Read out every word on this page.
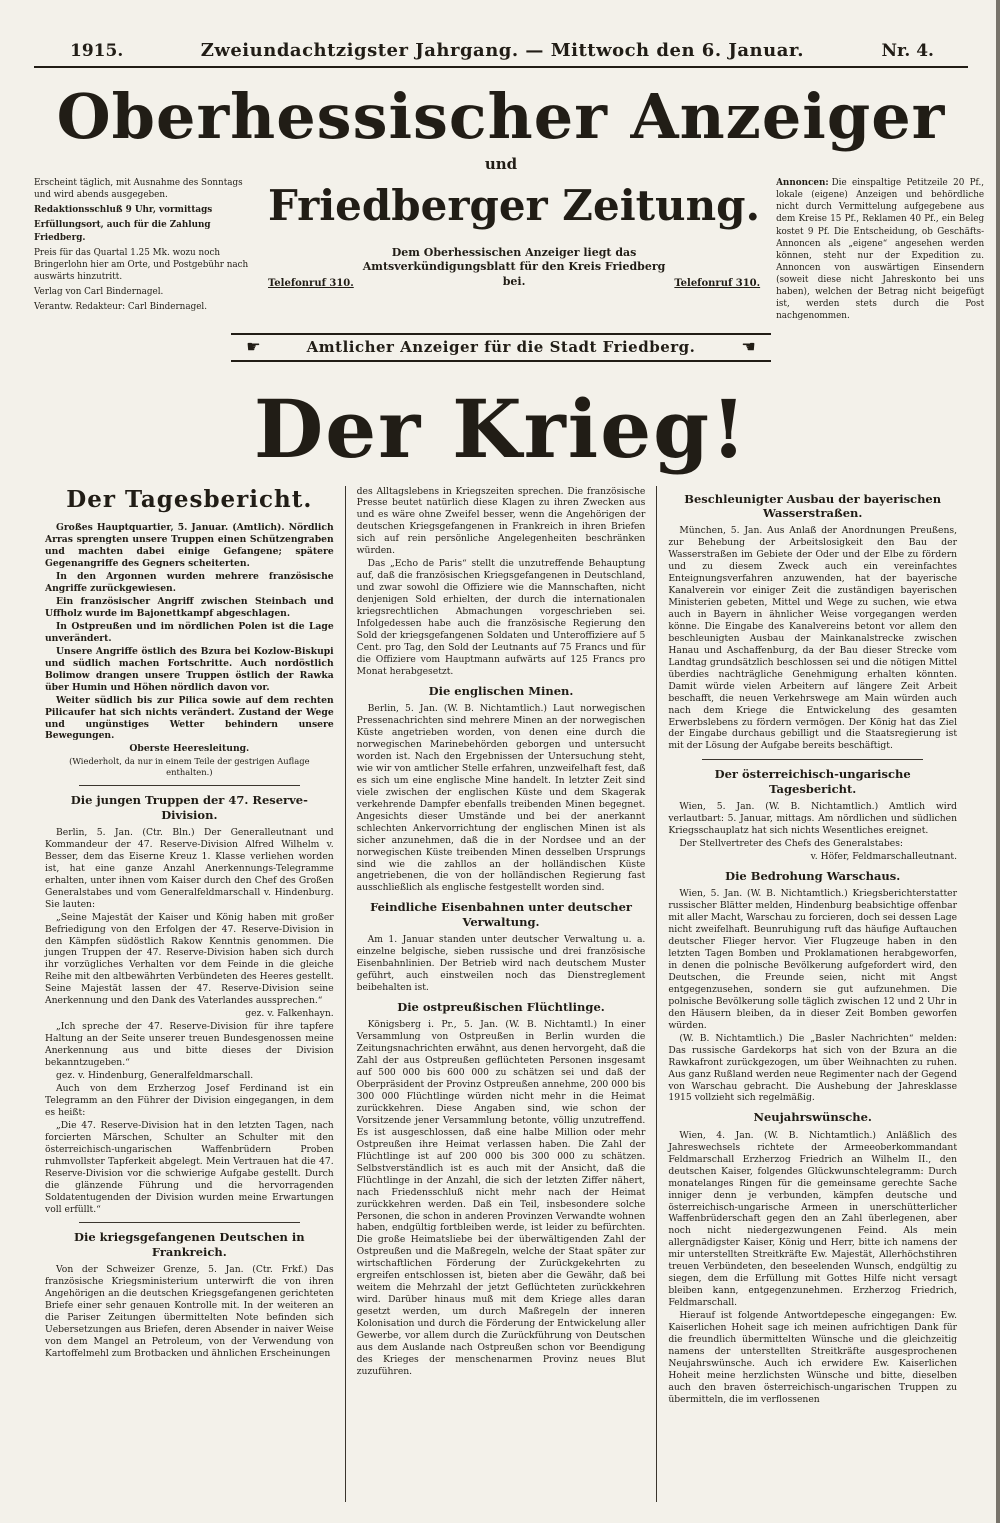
1915.	Zweiundachtzigster Jahrgang. — Mittwoch den 6. Januar.	Nr. 4.
Oberhessischer Anzeiger
und
Erscheint täglich, mit Ausnahme des Sonntags und wird abends ausgegeben.
Redaktionsschluß 9 Uhr, vormittags
Erfüllungsort, auch für die Zahlung Friedberg.
Preis für das Quartal 1.25 Mk. wozu noch Bringerlohn hier am Orte, und Postgebühr nach auswärts hinzutritt.
Verlag von Carl Bindernagel.
Verantw. Redakteur: Carl Bindernagel.
Friedberger Zeitung.
Telefonruf 310.
Dem Oberhessischen Anzeiger liegt das Amtsverkündigungsblatt für den Kreis Friedberg bei.	Telefonruf 310.
Annoncen: Die einspaltige Petitzeile 20 Pf., lokale (eigene) Anzeigen und behördliche nicht durch Vermittelung aufgegebene aus dem Kreise 15 Pf., Reklamen 40 Pf., ein Beleg kostet 9 Pf. Die Entscheidung, ob Geschäfts-Annoncen als „eigene“ angesehen werden können, steht nur der Expedition zu. Annoncen von auswärtigen Einsendern (soweit diese nicht Jahreskonto bei uns haben), welchen der Betrag nicht beigefügt ist, werden stets durch die Post nachgenommen.
☛	Amtlicher Anzeiger für die Stadt Friedberg.	☚
Der Krieg!
Der Tagesbericht.

Großes Hauptquartier, 5. Januar. (Amtlich). Nördlich Arras sprengten unsere Truppen einen Schützengraben und machten dabei einige Gefangene; spätere Gegenangriffe des Gegners scheiterten.

In den Argonnen wurden mehrere französische Angriffe zurückgewiesen.

Ein französischer Angriff zwischen Steinbach und Uffholz wurde im Bajonettkampf abgeschlagen.

In Ostpreußen und im nördlichen Polen ist die Lage unverändert.

Unsere Angriffe östlich des Bzura bei Kozlow-Biskupi und südlich machen Fortschritte. Auch nordöstlich Bolimow drangen unsere Truppen östlich der Rawka über Humin und Höhen nördlich davon vor.

Weiter südlich bis zur Pilica sowie auf dem rechten Pilicaufer hat sich nichts verändert. Zustand der Wege und ungünstiges Wetter behindern unsere Bewegungen.

Oberste Heeresleitung.

(Wiederholt, da nur in einem Teile der gestrigen Auflage enthalten.)

Die jungen Truppen der 47. Reserve-Division.

Berlin, 5. Jan. (Ctr. Bln.) Der Generalleutnant und Kommandeur der 47. Reserve-Division Alfred Wilhelm v. Besser, dem das Eiserne Kreuz 1. Klasse verliehen worden ist, hat eine ganze Anzahl Anerkennungs-Telegramme erhalten, unter ihnen vom Kaiser durch den Chef des Großen Generalstabes und vom Generalfeldmarschall v. Hindenburg. Sie lauten:

„Seine Majestät der Kaiser und König haben mit großer Befriedigung von den Erfolgen der 47. Reserve-Division in den Kämpfen südöstlich Rakow Kenntnis genommen. Die jungen Truppen der 47. Reserve-Division haben sich durch ihr vorzügliches Verhalten vor dem Feinde in die gleiche Reihe mit den altbewährten Verbündeten des Heeres gestellt. Seine Majestät lassen der 47. Reserve-Division seine Anerkennung und den Dank des Vaterlandes aussprechen.“

gez. v. Falkenhayn.

„Ich spreche der 47. Reserve-Division für ihre tapfere Haltung an der Seite unserer treuen Bundesgenossen meine Anerkennung aus und bitte dieses der Division bekanntzugeben.“

gez. v. Hindenburg, Generalfeldmarschall.

Auch von dem Erzherzog Josef Ferdinand ist ein Telegramm an den Führer der Division eingegangen, in dem es heißt:

„Die 47. Reserve-Division hat in den letzten Tagen, nach forcierten Märschen, Schulter an Schulter mit den österreichisch-ungarischen Waffenbrüdern Proben ruhmvollster Tapferkeit abgelegt. Mein Vertrauen hat die 47. Reserve-Division vor die schwierige Aufgabe gestellt. Durch die glänzende Führung und die hervorragenden Soldatentugenden der Division wurden meine Erwartungen voll erfüllt.“

Die kriegsgefangenen Deutschen in Frankreich.

Von der Schweizer Grenze, 5. Jan. (Ctr. Frkf.) Das französische Kriegsministerium unterwirft die von ihren Angehörigen an die deutschen Kriegsgefangenen gerichteten Briefe einer sehr genauen Kontrolle mit. In der weiteren an die Pariser Zeitungen übermittelten Note befinden sich Uebersetzungen aus Briefen, deren Absender in naiver Weise von dem Mangel an Petroleum, von der Verwendung von Kartoffelmehl zum Brotbacken und ähnlichen Erscheinungen

des Alltagslebens in Kriegszeiten sprechen. Die französische Presse beutet natürlich diese Klagen zu ihren Zwecken aus und es wäre ohne Zweifel besser, wenn die Angehörigen der deutschen Kriegsgefangenen in Frankreich in ihren Briefen sich auf rein persönliche Angelegenheiten beschränken würden.

Das „Echo de Paris“ stellt die unzutreffende Behauptung auf, daß die französischen Kriegsgefangenen in Deutschland, und zwar sowohl die Offiziere wie die Mannschaften, nicht denjenigen Sold erhielten, der durch die internationalen kriegsrechtlichen Abmachungen vorgeschrieben sei. Infolgedessen habe auch die französische Regierung den Sold der kriegsgefangenen Soldaten und Unteroffiziere auf 5 Cent. pro Tag, den Sold der Leutnants auf 75 Francs und für die Offiziere vom Hauptmann aufwärts auf 125 Francs pro Monat herabgesetzt.

Die englischen Minen.

Berlin, 5. Jan. (W. B. Nichtamtlich.) Laut norwegischen Pressenachrichten sind mehrere Minen an der norwegischen Küste angetrieben worden, von denen eine durch die norwegischen Marinebehörden geborgen und untersucht worden ist. Nach den Ergebnissen der Untersuchung steht, wie wir von amtlicher Stelle erfahren, unzweifelhaft fest, daß es sich um eine englische Mine handelt. In letzter Zeit sind viele zwischen der englischen Küste und dem Skagerak verkehrende Dampfer ebenfalls treibenden Minen begegnet. Angesichts dieser Umstände und bei der anerkannt schlechten Ankervorrichtung der englischen Minen ist als sicher anzunehmen, daß die in der Nordsee und an der norwegischen Küste treibenden Minen desselben Ursprungs sind wie die zahllos an der holländischen Küste angetriebenen, die von der holländischen Regierung fast ausschließlich als englische festgestellt worden sind.

Feindliche Eisenbahnen unter deutscher Verwaltung.

Am 1. Januar standen unter deutscher Verwaltung u. a. einzelne belgische, sieben russische und drei französische Eisenbahnlinien. Der Betrieb wird nach deutschem Muster geführt, auch einstweilen noch das Dienstreglement beibehalten ist.

Die ostpreußischen Flüchtlinge.

Königsberg i. Pr., 5. Jan. (W. B. Nichtamtl.) In einer Versammlung von Ostpreußen in Berlin wurden die Zeitungsnachrichten erwähnt, aus denen hervorgeht, daß die Zahl der aus Ostpreußen geflüchteten Personen insgesamt auf 500 000 bis 600 000 zu schätzen sei und daß der Oberpräsident der Provinz Ostpreußen annehme, 200 000 bis 300 000 Flüchtlinge würden nicht mehr in die Heimat zurückkehren. Diese Angaben sind, wie schon der Vorsitzende jener Versammlung betonte, völlig unzutreffend. Es ist ausgeschlossen, daß eine halbe Million oder mehr Ostpreußen ihre Heimat verlassen haben. Die Zahl der Flüchtlinge ist auf 200 000 bis 300 000 zu schätzen. Selbstverständlich ist es auch mit der Ansicht, daß die Flüchtlinge in der Anzahl, die sich der letzten Ziffer nähert, nach Friedensschluß nicht mehr nach der Heimat zurückkehren werden. Daß ein Teil, insbesondere solche Personen, die schon in anderen Provinzen Verwandte wohnen haben, endgültig fortbleiben werde, ist leider zu befürchten. Die große Heimatsliebe bei der überwältigenden Zahl der Ostpreußen und die Maßregeln, welche der Staat später zur wirtschaftlichen Förderung der Zurückgekehrten zu ergreifen entschlossen ist, bieten aber die Gewähr, daß bei weitem die Mehrzahl der jetzt Geflüchteten zurückkehren wird. Darüber hinaus muß mit dem Kriege alles daran gesetzt werden, um durch Maßregeln der inneren Kolonisation und durch die Förderung der Entwickelung aller Gewerbe, vor allem durch die Zurückführung von Deutschen aus dem Auslande nach Ostpreußen schon vor Beendigung des Krieges der menschenarmen Provinz neues Blut zuzuführen.

Beschleunigter Ausbau der bayerischen Wasserstraßen.

München, 5. Jan. Aus Anlaß der Anordnungen Preußens, zur Behebung der Arbeitslosigkeit den Bau der Wasserstraßen im Gebiete der Oder und der Elbe zu fördern und zu diesem Zweck auch ein vereinfachtes Enteignungsverfahren anzuwenden, hat der bayerische Kanalverein vor einiger Zeit die zuständigen bayerischen Ministerien gebeten, Mittel und Wege zu suchen, wie etwa auch in Bayern in ähnlicher Weise vorgegangen werden könne. Die Eingabe des Kanalvereins betont vor allem den beschleunigten Ausbau der Mainkanalstrecke zwischen Hanau und Aschaffenburg, da der Bau dieser Strecke vom Landtag grundsätzlich beschlossen sei und die nötigen Mittel überdies nachträgliche Genehmigung erhalten könnten. Damit würde vielen Arbeitern auf längere Zeit Arbeit beschafft, die neuen Verkehrswege am Main würden auch nach dem Kriege die Entwickelung des gesamten Erwerbslebens zu fördern vermögen. Der König hat das Ziel der Eingabe durchaus gebilligt und die Staatsregierung ist mit der Lösung der Aufgabe bereits beschäftigt.

Der österreichisch-ungarische Tagesbericht.

Wien, 5. Jan. (W. B. Nichtamtlich.) Amtlich wird verlautbart: 5. Januar, mittags. Am nördlichen und südlichen Kriegsschauplatz hat sich nichts Wesentliches ereignet.

Der Stellvertreter des Chefs des Generalstabes:

v. Höfer, Feldmarschalleutnant.

Die Bedrohung Warschaus.

Wien, 5. Jan. (W. B. Nichtamtlich.) Kriegsberichterstatter russischer Blätter melden, Hindenburg beabsichtige offenbar mit aller Macht, Warschau zu forcieren, doch sei dessen Lage nicht zweifelhaft. Beunruhigung ruft das häufige Auftauchen deutscher Flieger hervor. Vier Flugzeuge haben in den letzten Tagen Bomben und Proklamationen herabgeworfen, in denen die polnische Bevölkerung aufgefordert wird, den Deutschen, die Freunde seien, nicht mit Angst entgegenzusehen, sondern sie gut aufzunehmen. Die polnische Bevölkerung solle täglich zwischen 12 und 2 Uhr in den Häusern bleiben, da in dieser Zeit Bomben geworfen würden.

(W. B. Nichtamtlich.) Die „Basler Nachrichten“ melden: Das russische Gardekorps hat sich von der Bzura an die Rawkafront zurückgezogen, um über Weihnachten zu ruhen. Aus ganz Rußland werden neue Regimenter nach der Gegend von Warschau gebracht. Die Aushebung der Jahresklasse 1915 vollzieht sich regelmäßig.

Neujahrswünsche.

Wien, 4. Jan. (W. B. Nichtamtlich.) Anläßlich des Jahreswechsels richtete der Armeeoberkommandant Feldmarschall Erzherzog Friedrich an Wilhelm II., den deutschen Kaiser, folgendes Glückwunschtelegramm: Durch monatelanges Ringen für die gemeinsame gerechte Sache inniger denn je verbunden, kämpfen deutsche und österreichisch-ungarische Armeen in unerschütterlicher Waffenbrüderschaft gegen den an Zahl überlegenen, aber noch nicht niedergezwungenen Feind. Als mein allergnädigster Kaiser, König und Herr, bitte ich namens der mir unterstellten Streitkräfte Ew. Majestät, Allerhöchstihren treuen Verbündeten, den beseelenden Wunsch, endgültig zu siegen, dem die Erfüllung mit Gottes Hilfe nicht versagt bleiben kann, entgegenzunehmen. Erzherzog Friedrich, Feldmarschall.

Hierauf ist folgende Antwortdepesche eingegangen: Ew. Kaiserlichen Hoheit sage ich meinen aufrichtigen Dank für die freundlich übermittelten Wünsche und die gleichzeitig namens der unterstellten Streitkräfte ausgesprochenen Neujahrswünsche. Auch ich erwidere Ew. Kaiserlichen Hoheit meine herzlichsten Wünsche und bitte, dieselben auch den braven österreichisch-ungarischen Truppen zu übermitteln, die im verflossenen
